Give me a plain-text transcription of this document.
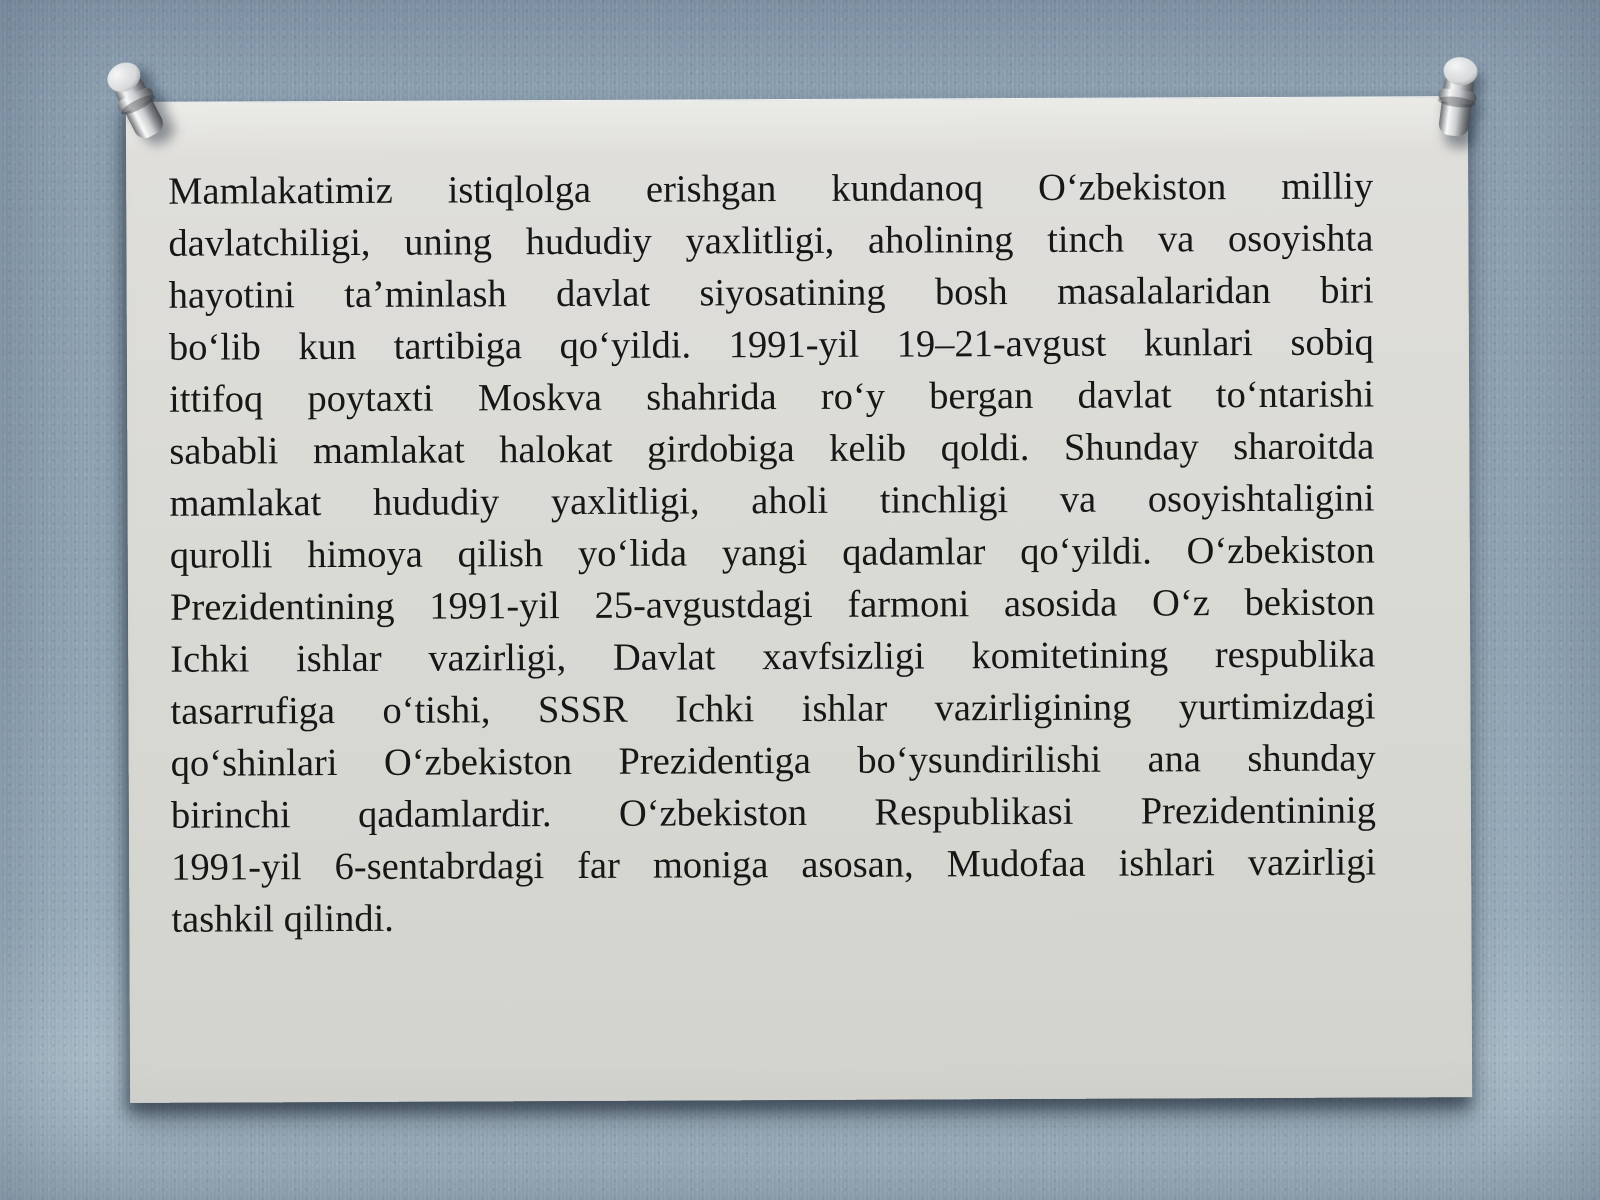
Mamlakatimiz istiqlolga erishgan kundanoq O‘zbekiston milliy
davlatchiligi, uning hududiy yaxlitligi, aholining tinch va osoyishta
hayotini ta’minlash davlat siyosatining bosh masalalaridan biri
bo‘lib kun tartibiga qo‘yildi. 1991-yil 19–21-avgust kunlari sobiq
ittifoq poytaxti Moskva shahrida ro‘y bergan davlat to‘ntarishi
sababli mamlakat halokat girdobiga kelib qoldi. Shunday sharoitda
mamlakat hududiy yaxlitligi, aholi tinchligi va osoyishtaligini
qurolli himoya qilish yo‘lida yangi qadamlar qo‘yildi. O‘zbekiston
Prezidentining 1991-yil 25-avgustdagi farmoni asosida O‘z bekiston
Ichki ishlar vazirligi, Davlat xavfsizligi komitetining respublika
tasarrufiga o‘tishi, SSSR Ichki ishlar vazirligining yurtimizdagi
qo‘shinlari O‘zbekiston Prezidentiga bo‘ysundirilishi ana shunday
birinchi qadamlardir. O‘zbekiston Respublikasi Prezidentininig
1991-yil 6-sentabrdagi far moniga asosan, Mudofaa ishlari vazirligi
tashkil qilindi.
